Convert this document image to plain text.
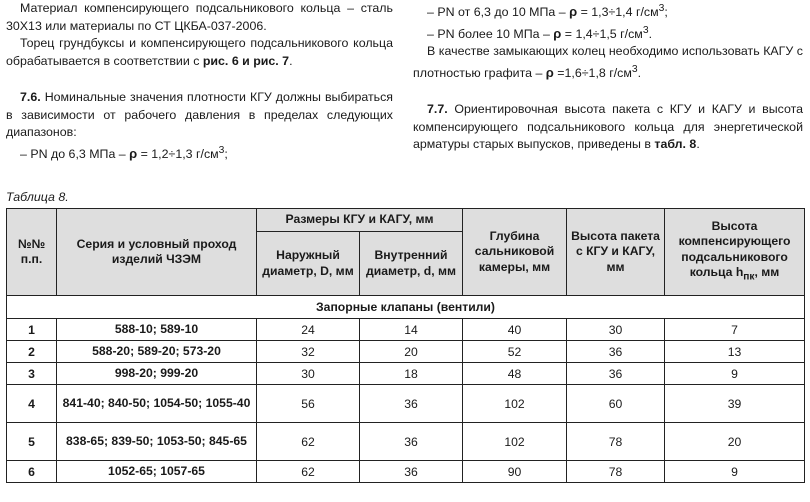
Материал компенсирующего подсальникового кольца – сталь 30Х13 или материалы по СТ ЦКБА-037-2006.

Торец грундбуксы и компенсирующего подсальникового кольца обрабатывается в соответствии с рис. 6 и рис. 7.

7.6. Номинальные значения плотности КГУ должны выбираться в зависимости от рабочего давления в пределах следующих диапазонов:

– PN до 6,3 МПа – ρ = 1,2÷1,3 $г/см^3$;

– PN от 6,3 до 10 МПа – ρ = 1,3÷1,4 $г/см^3$;

– PN более 10 МПа – ρ = 1,4÷1,5 $г/см^3$.

В качестве замыкающих колец необходимо использовать КАГУ с плотностью графита – ρ =1,6÷1,8 $г/см^3$.

7.7. Ориентировочная высота пакета с КГУ и КАГУ и высота компенсирующего подсальникового кольца для энергетической арматуры старых выпусков, приведены в табл. 8.

Таблица 8.
№№ п.п.	Серия и условный проход изделий ЧЗЭМ	Размеры КГУ и КАГУ, мм		Глубина сальниковой камеры, мм	Высота пакета с КГУ и КАГУ, мм	Высота компенсирующего подсальникового кольца $h_{пк}$, мм
		Наружный диаметр, D, мм	Внутренний диаметр, d, мм			
Запорные клапаны (вентили)						
1	588-10; 589-10	24	14	40	30	7
2	588-20; 589-20; 573-20	32	20	52	36	13
3	998-20; 999-20	30	18	48	36	9
4	841-40; 840-50; 1054-50; 1055-40	56	36	102	60	39
5	838-65; 839-50; 1053-50; 845-65	62	36	102	78	20
6	1052-65; 1057-65	62	36	90	78	9
